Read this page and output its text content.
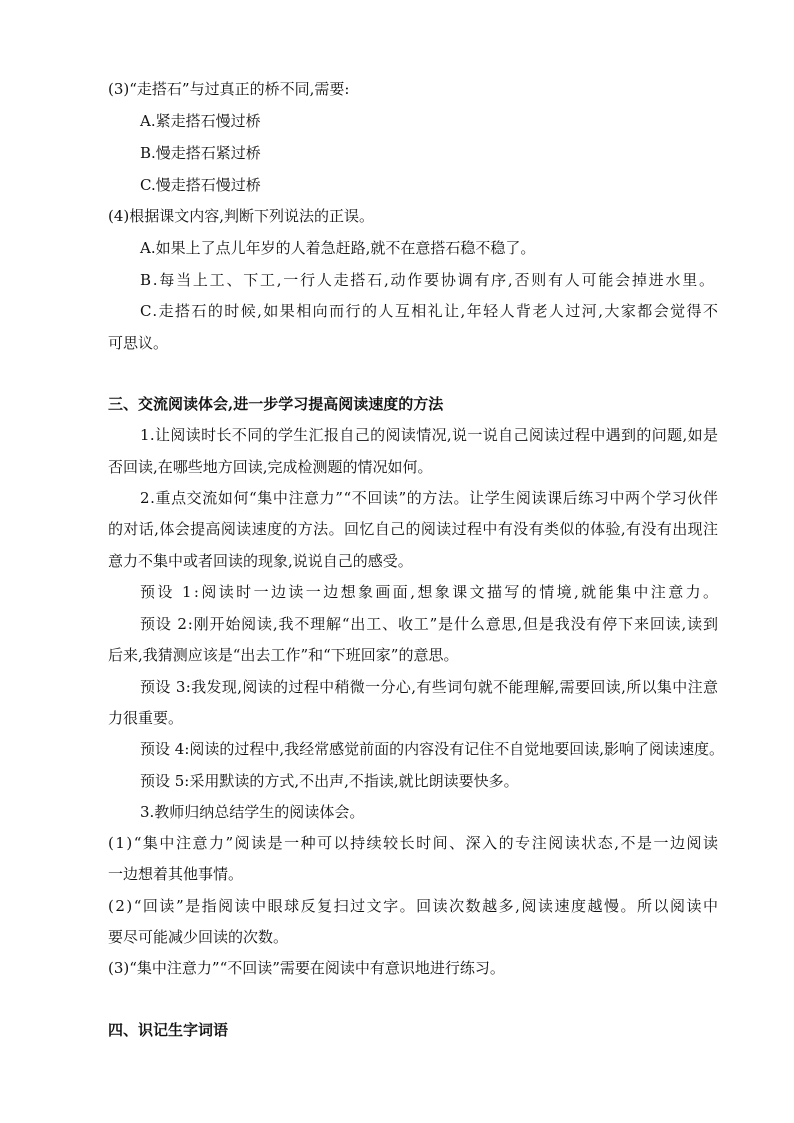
(3)“走搭石”与过真正的桥不同,需要:
A.紧走搭石慢过桥
B.慢走搭石紧过桥
C.慢走搭石慢过桥
(4)根据课文内容,判断下列说法的正误。
A.如果上了点儿年岁的人着急赶路,就不在意搭石稳不稳了。
B.每当上工、下工,一行人走搭石,动作要协调有序,否则有人可能会掉进水里。
C.走搭石的时候,如果相向而行的人互相礼让,年轻人背老人过河,大家都会觉得不
可思议。
三、交流阅读体会,进一步学习提高阅读速度的方法
1.让阅读时长不同的学生汇报自己的阅读情况,说一说自己阅读过程中遇到的问题,如是
否回读,在哪些地方回读,完成检测题的情况如何。
2.重点交流如何“集中注意力”“不回读”的方法。让学生阅读课后练习中两个学习伙伴
的对话,体会提高阅读速度的方法。回忆自己的阅读过程中有没有类似的体验,有没有出现注
意力不集中或者回读的现象,说说自己的感受。
预设 1:阅读时一边读一边想象画面,想象课文描写的情境,就能集中注意力。
预设 2:刚开始阅读,我不理解“出工、收工”是什么意思,但是我没有停下来回读,读到
后来,我猜测应该是“出去工作”和“下班回家”的意思。
预设 3:我发现,阅读的过程中稍微一分心,有些词句就不能理解,需要回读,所以集中注意
力很重要。
预设 4:阅读的过程中,我经常感觉前面的内容没有记住不自觉地要回读,影响了阅读速度。
预设 5:采用默读的方式,不出声,不指读,就比朗读要快多。
3.教师归纳总结学生的阅读体会。
(1)“集中注意力”阅读是一种可以持续较长时间、深入的专注阅读状态,不是一边阅读
一边想着其他事情。
(2)“回读”是指阅读中眼球反复扫过文字。回读次数越多,阅读速度越慢。所以阅读中
要尽可能减少回读的次数。
(3)“集中注意力”“不回读”需要在阅读中有意识地进行练习。
四、识记生字词语
